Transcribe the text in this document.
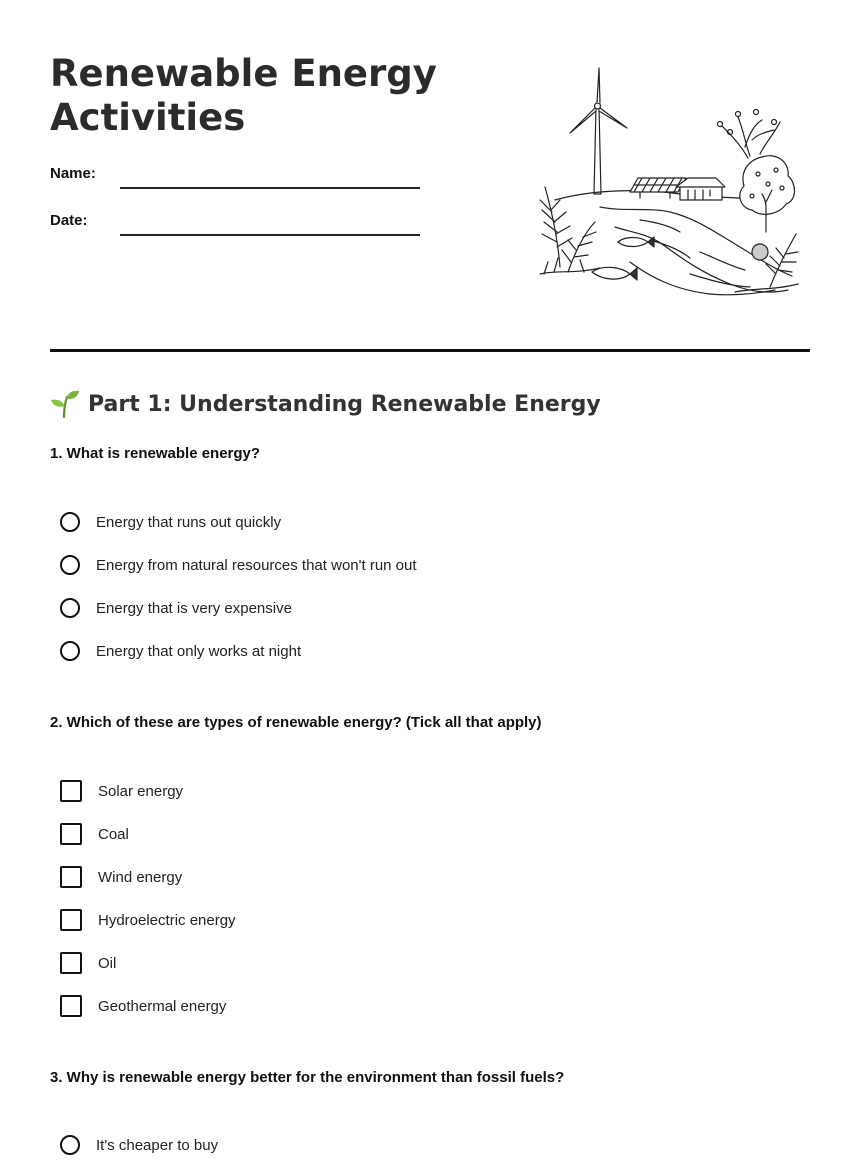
Renewable Energy
Activities
Name:
Date:
Part 1: Understanding Renewable Energy
1. What is renewable energy?
Energy that runs out quickly
Energy from natural resources that won't run out
Energy that is very expensive
Energy that only works at night
2. Which of these are types of renewable energy? (Tick all that apply)
Solar energy
Coal
Wind energy
Hydroelectric energy
Oil
Geothermal energy
3. Why is renewable energy better for the environment than fossil fuels?
It's cheaper to buy
